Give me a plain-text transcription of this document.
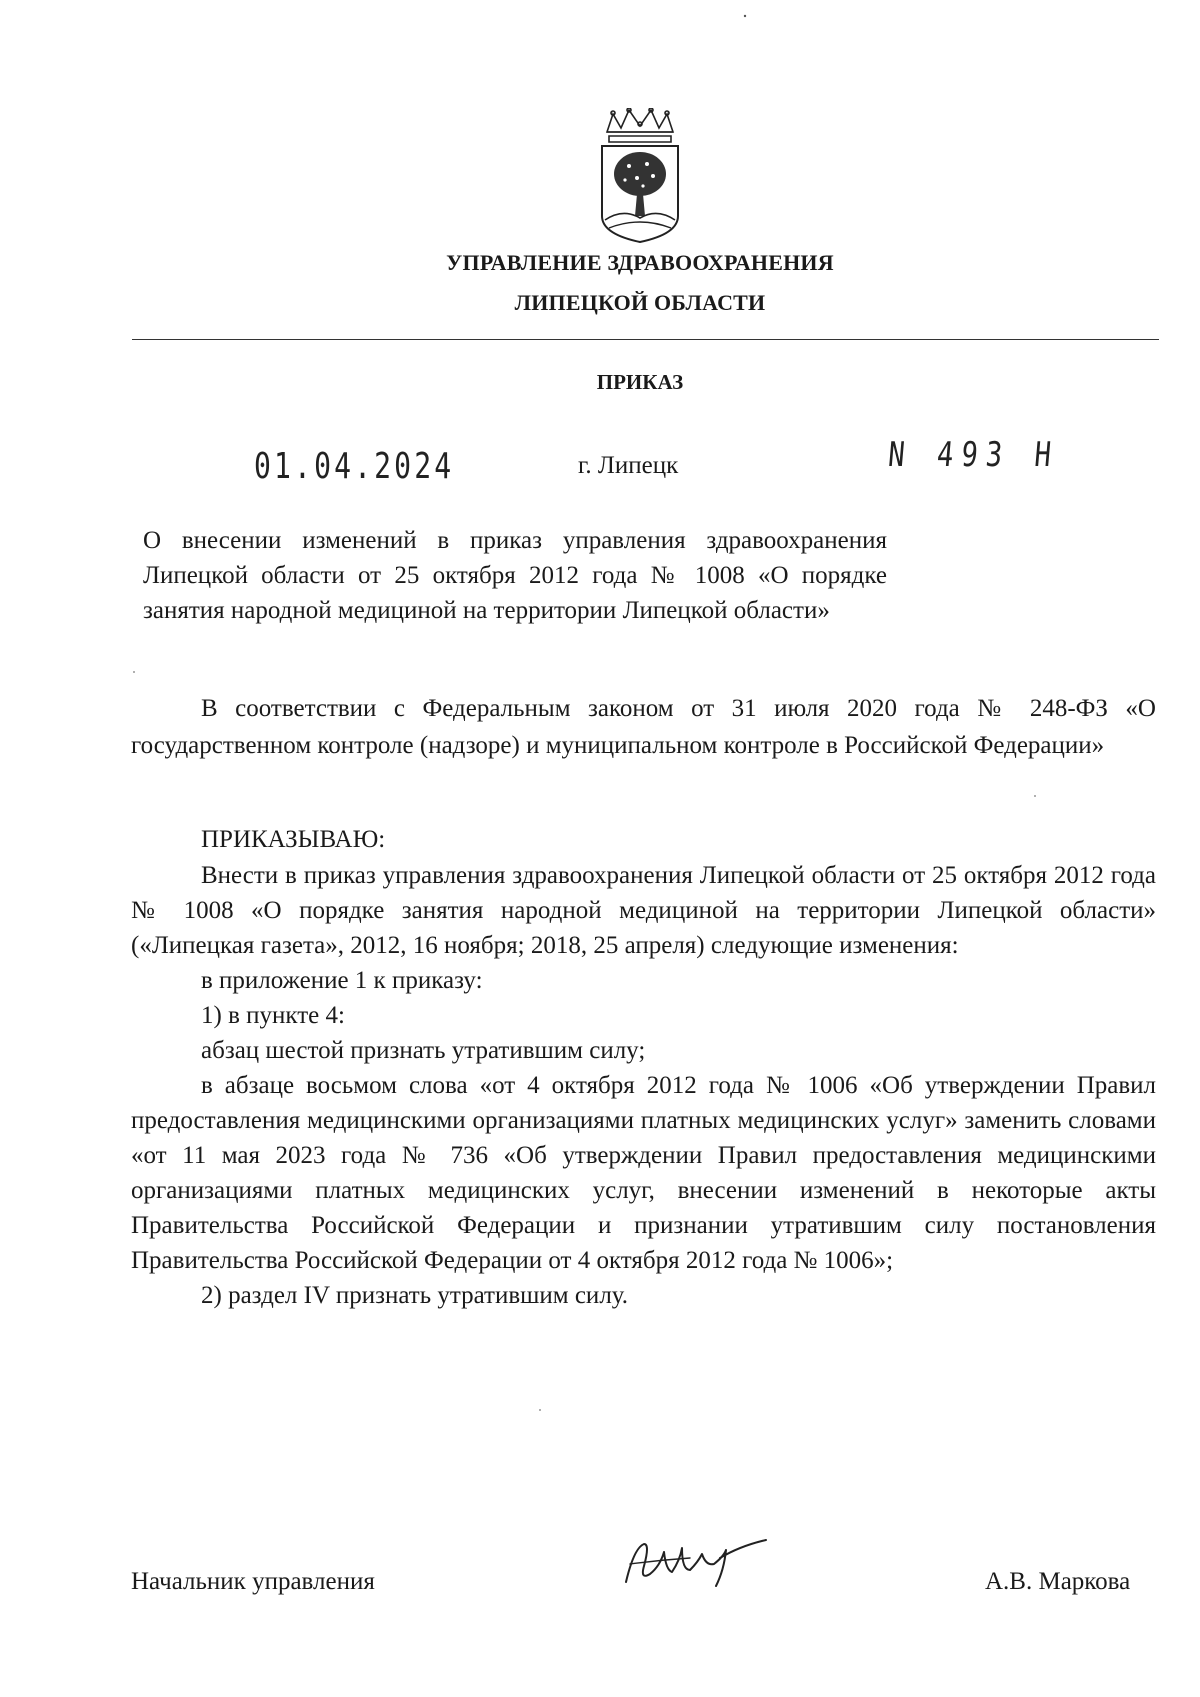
УПРАВЛЕНИЕ ЗДРАВООХРАНЕНИЯ
ЛИПЕЦКОЙ ОБЛАСТИ
ПРИКАЗ
01.04.2024	г. Липецк	N 493 Н
О внесении изменений в приказ управления здравоохранения Липецкой области от 25 октября 2012 года № 1008 «О порядке занятия народной медициной на территории Липецкой области»
В соответствии с Федеральным законом от 31 июля 2020 года № 248-ФЗ «О государственном контроле (надзоре) и муниципальном контроле в Российской Федерации»
ПРИКАЗЫВАЮ:

Внести в приказ управления здравоохранения Липецкой области от 25 октября 2012 года № 1008 «О порядке занятия народной медициной на территории Липецкой области» («Липецкая газета», 2012, 16 ноября; 2018, 25 апреля) следующие изменения:

в приложение 1 к приказу:

1) в пункте 4:

абзац шестой признать утратившим силу;

в абзаце восьмом слова «от 4 октября 2012 года № 1006 «Об утверждении Правил предоставления медицинскими организациями платных медицинских услуг» заменить словами «от 11 мая 2023 года № 736 «Об утверждении Правил предоставления медицинскими организациями платных медицинских услуг, внесении изменений в некоторые акты Правительства Российской Федерации и признании утратившим силу постановления Правительства Российской Федерации от 4 октября 2012 года № 1006»;

2) раздел IV признать утратившим силу.

Начальник управления	А.В. Маркова
